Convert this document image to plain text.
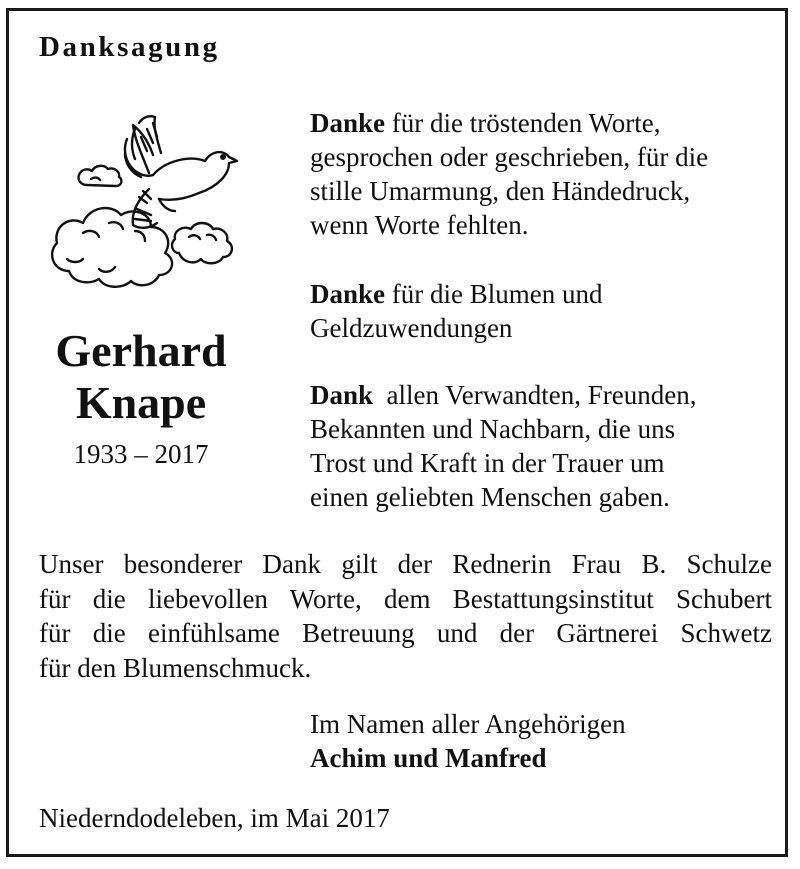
Danksagung
Gerhard
Knape
1933 – 2017
Danke für die tröstenden Worte,
gesprochen oder geschrieben, für die
stille Umarmung, den Händedruck,
wenn Worte fehlten.
Danke für die Blumen und
Geldzuwendungen
Dank allen Verwandten, Freunden,
Bekannten und Nachbarn, die uns
Trost und Kraft in der Trauer um
einen geliebten Menschen gaben.
Unser besonderer Dank gilt der Rednerin Frau B. Schulze
für die liebevollen Worte, dem Bestattungsinstitut Schubert
für die einfühlsame Betreuung und der Gärtnerei Schwetz
für den Blumenschmuck.
Im Namen aller Angehörigen
Achim und Manfred
Niederndodeleben, im Mai 2017
